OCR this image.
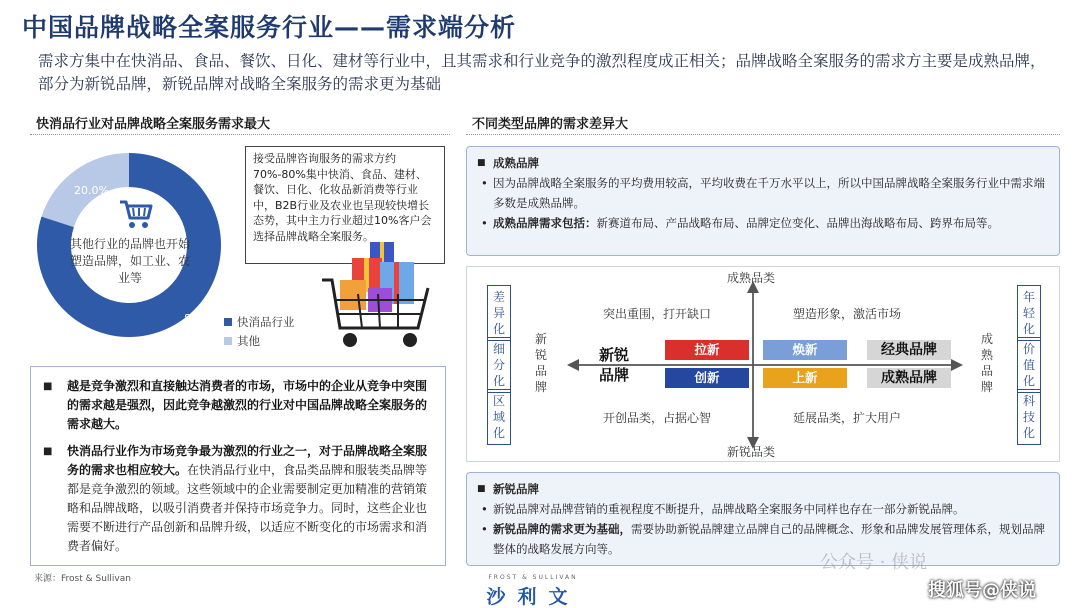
中国品牌战略全案服务行业——需求端分析
需求方集中在快消品、食品、餐饮、日化、建材等行业中，且其需求和行业竞争的激烈程度成正相关；品牌战略全案服务的需求方主要是成熟品牌，部分为新锐品牌，新锐品牌对战略全案服务的需求更为基础
快消品行业对品牌战略全案服务需求最大
80.0%
20.0%
其他行业的品牌也开始塑造品牌，如工业、农业等
快消品行业
其他
接受品牌咨询服务的需求方约70%-80%集中快消、食品、建材、餐饮、日化、化妆品新消费等行业中，B2B行业及农业也呈现较快增长态势，其中主力行业超过10%客户会选择品牌战略全案服务。
■ 越是竞争激烈和直接触达消费者的市场，市场中的企业从竞争中突围的需求越是强烈，因此竞争越激烈的行业对中国品牌战略全案服务的需求越大。
■ 快消品行业作为市场竞争最为激烈的行业之一，对于品牌战略全案服务的需求也相应较大。在快消品行业中，食品类品牌和服装类品牌等都是竞争激烈的领域。这些领域中的企业需要制定更加精准的营销策略和品牌战略，以吸引消费者并保持市场竞争力。同时，这些企业也需要不断进行产品创新和品牌升级，以适应不断变化的市场需求和消费者偏好。
来源：Frost & Sullivan
不同类型品牌的需求差异大
■ 成熟品牌
• 因为品牌战略全案服务的平均费用较高，平均收费在千万水平以上，所以中国品牌战略全案服务行业中需求端多数是成熟品牌。
• 成熟品牌需求包括：新赛道布局、产品战略布局、品牌定位变化、品牌出海战略布局、跨界布局等。
成熟品类
新锐品类
差异化
细分化
区域化
年轻化
价值化
科技化
新锐品牌
成熟品牌
新锐品牌
突出重围，打开缺口	塑造形象，激活市场
开创品类，占据心智	延展品类，扩大用户
拉新
创新
焕新
上新
经典品牌
成熟品牌
■ 新锐品牌
• 新锐品牌对品牌营销的重视程度不断提升，品牌战略全案服务中同样也存在一部分新锐品牌。
• 新锐品牌的需求更为基础，需要协助新锐品牌建立品牌自己的品牌概念、形象和品牌发展管理体系，规划品牌整体的战略发展方向等。
FROST & SULLIVAN
沙利文
公众号 · 侠说
搜狐号@侠说
